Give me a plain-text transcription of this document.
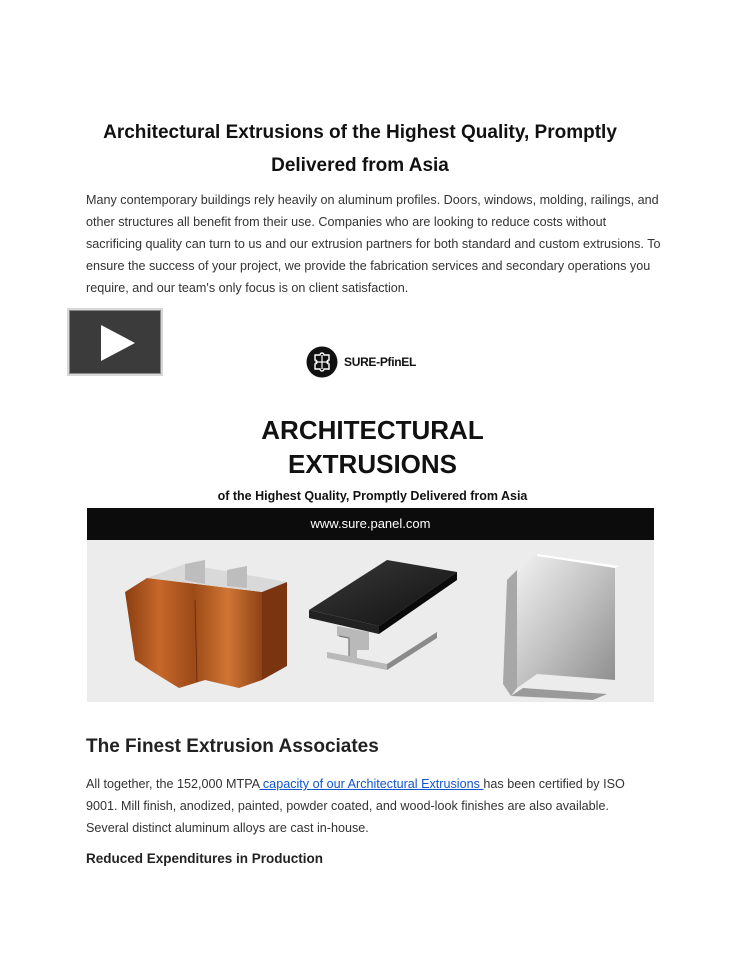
Architectural Extrusions of the Highest Quality, Promptly Delivered from Asia
Many contemporary buildings rely heavily on aluminum profiles. Doors, windows, molding, railings, and other structures all benefit from their use. Companies who are looking to reduce costs without sacrificing quality can turn to us and our extrusion partners for both standard and custom extrusions. To ensure the success of your project, we provide the fabrication services and secondary operations you require, and our team's only focus is on client satisfaction.
SURE-PfinEL
ARCHITECTURAL
EXTRUSIONS
of the Highest Quality, Promptly Delivered from Asia
www.sure.panel.com
The Finest Extrusion Associates
All together, the 152,000 MTPA capacity of our Architectural Extrusions has been certified by ISO 9001. Mill finish, anodized, painted, powder coated, and wood-look finishes are also available. Several distinct aluminum alloys are cast in-house.
Reduced Expenditures in Production
